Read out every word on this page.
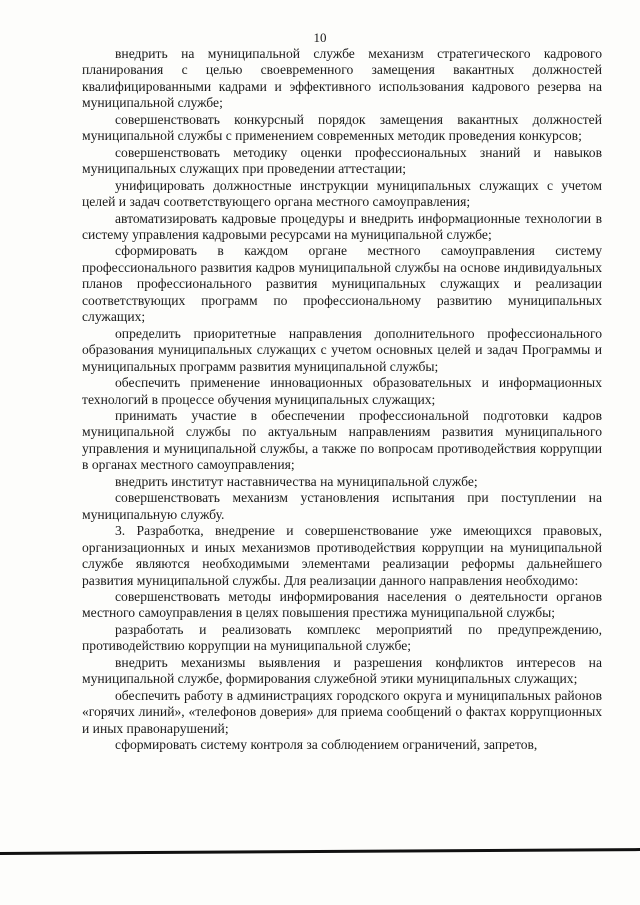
10

внедрить на муниципальной службе механизм стратегического кадрового планирования с целью своевременного замещения вакантных должностей квалифицированными кадрами и эффективного использования кадрового резерва на муниципальной службе;

совершенствовать конкурсный порядок замещения вакантных должностей муниципальной службы с применением современных методик проведения конкурсов;

совершенствовать методику оценки профессиональных знаний и навыков муниципальных служащих при проведении аттестации;

унифицировать должностные инструкции муниципальных служащих с учетом целей и задач соответствующего органа местного самоуправления;

автоматизировать кадровые процедуры и внедрить информационные технологии в систему управления кадровыми ресурсами на муниципальной службе;

сформировать в каждом органе местного самоуправления систему профессионального развития кадров муниципальной службы на основе индивидуальных планов профессионального развития муниципальных служащих и реализации соответствующих программ по профессиональному развитию муниципальных служащих;

определить приоритетные направления дополнительного профессионального образования муниципальных служащих с учетом основных целей и задач Программы и муниципальных программ развития муниципальной службы;

обеспечить применение инновационных образовательных и информационных технологий в процессе обучения муниципальных служащих;

принимать участие в обеспечении профессиональной подготовки кадров муниципальной службы по актуальным направлениям развития муниципального управления и муниципальной службы, а также по вопросам противодействия коррупции в органах местного самоуправления;

внедрить институт наставничества на муниципальной службе;

совершенствовать механизм установления испытания при поступлении на муниципальную службу.

3. Разработка, внедрение и совершенствование уже имеющихся правовых, организационных и иных механизмов противодействия коррупции на муниципальной службе являются необходимыми элементами реализации реформы дальнейшего развития муниципальной службы. Для реализации данного направления необходимо:

совершенствовать методы информирования населения о деятельности органов местного самоуправления в целях повышения престижа муниципальной службы;

разработать и реализовать комплекс мероприятий по предупреждению, противодействию коррупции на муниципальной службе;

внедрить механизмы выявления и разрешения конфликтов интересов на муниципальной службе, формирования служебной этики муниципальных служащих;

обеспечить работу в администрациях городского округа и муниципальных районов «горячих линий», «телефонов доверия» для приема сообщений о фактах коррупционных и иных правонарушений;

сформировать систему контроля за соблюдением ограничений, запретов,
